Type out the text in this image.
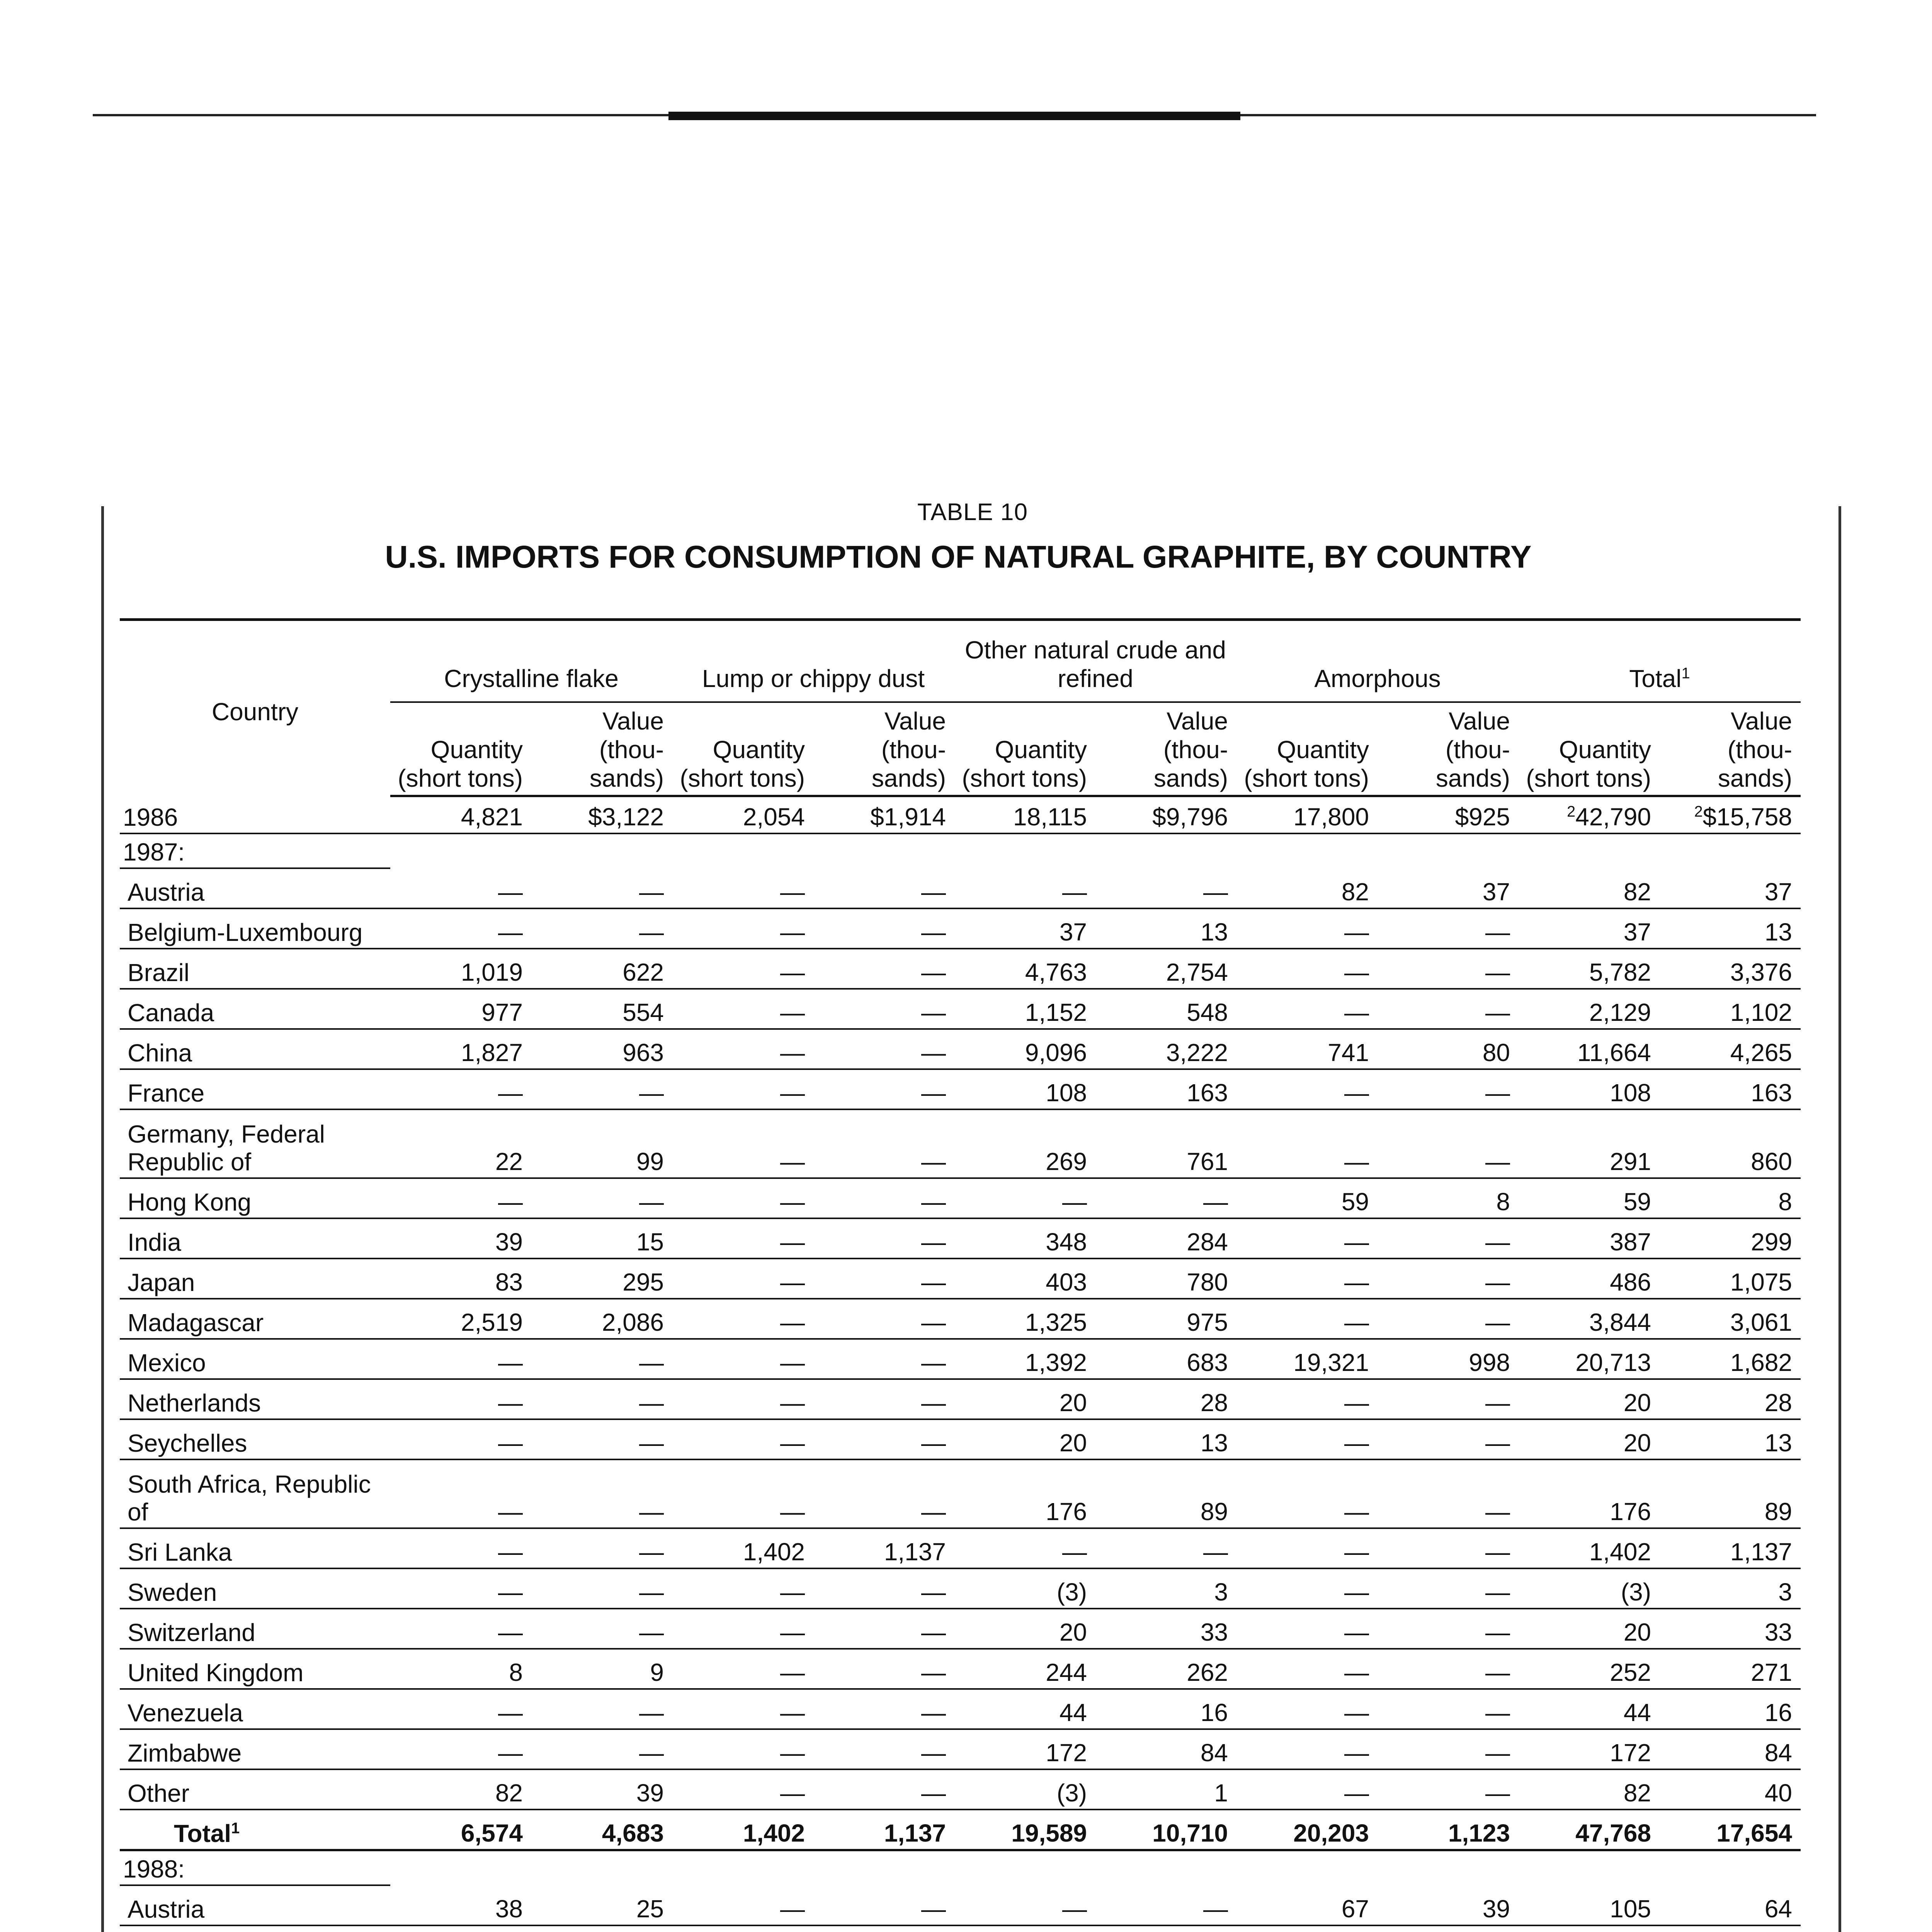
TABLE 10
U.S. IMPORTS FOR CONSUMPTION OF NATURAL GRAPHITE, BY COUNTRY
Country	Crystalline flake		Lump or chippy dust		Other natural crude and refined		Amorphous		Total$^1$
	Quantity (short tons)	Value (thou- sands)	Quantity (short tons)	Value (thou- sands)	Quantity (short tons)	Value (thou- sands)	Quantity (short tons)	Value (thou- sands)	Quantity (short tons)	Value (thou- sands)
1986	4,821	$3,122	2,054	$1,914	18,115	$9,796	17,800	$925	$^2$42,790	$^2$\$15,758
1987:										
Austria	—	—	—	—	—	—	82	37	82	37
Belgium-Luxembourg	—	—	—	—	37	13	—	—	37	13
Brazil	1,019	622	—	—	4,763	2,754	—	—	5,782	3,376
Canada	977	554	—	—	1,152	548	—	—	2,129	1,102
China	1,827	963	—	—	9,096	3,222	741	80	11,664	4,265
France	—	—	—	—	108	163	—	—	108	163
Germany, Federal Republic of	22	99	—	—	269	761	—	—	291	860
Hong Kong	—	—	—	—	—	—	59	8	59	8
India	39	15	—	—	348	284	—	—	387	299
Japan	83	295	—	—	403	780	—	—	486	1,075
Madagascar	2,519	2,086	—	—	1,325	975	—	—	3,844	3,061
Mexico	—	—	—	—	1,392	683	19,321	998	20,713	1,682
Netherlands	—	—	—	—	20	28	—	—	20	28
Seychelles	—	—	—	—	20	13	—	—	20	13
South Africa, Republic of	—	—	—	—	176	89	—	—	176	89
Sri Lanka	—	—	1,402	1,137	—	—	—	—	1,402	1,137
Sweden	—	—	—	—	(3)	3	—	—	(3)	3
Switzerland	—	—	—	—	20	33	—	—	20	33
United Kingdom	8	9	—	—	244	262	—	—	252	271
Venezuela	—	—	—	—	44	16	—	—	44	16
Zimbabwe	—	—	—	—	172	84	—	—	172	84
Other	82	39	—	—	(3)	1	—	—	82	40
Total$^1$	6,574	4,683	1,402	1,137	19,589	10,710	20,203	1,123	47,768	17,654
1988:										
Austria	38	25	—	—	—	—	67	39	105	64
